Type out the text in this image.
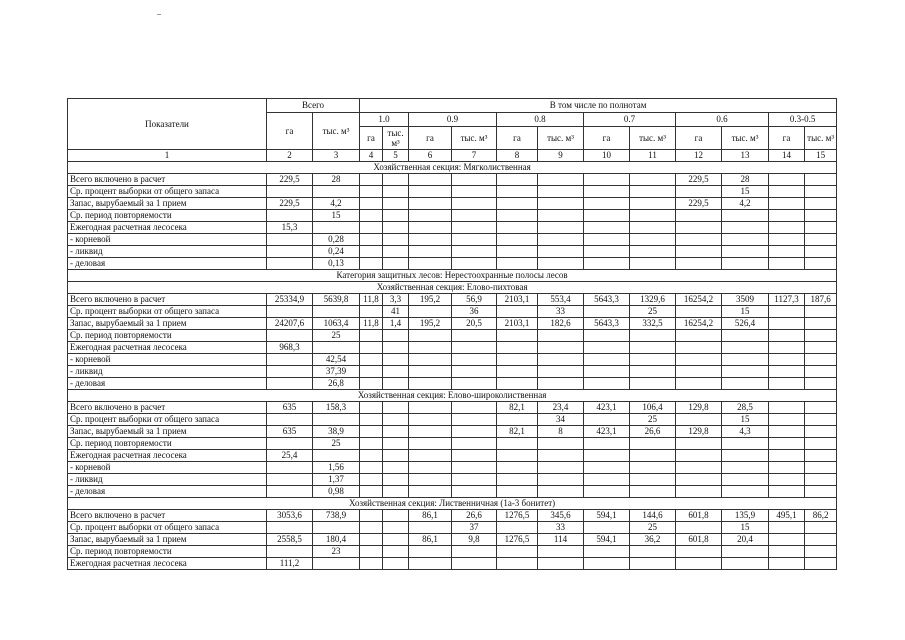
Показатели	Всего		В том числе по полнотам											
	га	тыс. м³	1.0		0.9		0.8		0.7		0.6		0.3-0.5	
			га	тыс. м³	га	тыс. м³	га	тыс. м³	га	тыс. м³	га	тыс. м³	га	тыс. м³
1	2	3	4	5	6	7	8	9	10	11	12	13	14	15
Хозяйственная секция: Мягколиственная														
Всего включено в расчет	229,5	28									229,5	28		
Ср. процент выборки от общего запаса												15		
Запас, вырубаемый за 1 прием	229,5	4,2									229,5	4,2		
Ср. период повторяемости		15												
Ежегодная расчетная лесосека	15,3													
- корневой		0,28												
- ликвид		0,24												
- деловая		0,13												
Категория защитных лесов: Нерестоохранные полосы лесов														
Хозяйственная секция: Елово-пихтовая														
Всего включено в расчет	25334,9	5639,8	11,8	3,3	195,2	56,9	2103,1	553,4	5643,3	1329,6	16254,2	3509	1127,3	187,6
Ср. процент выборки от общего запаса				41		36		33		25		15		
Запас, вырубаемый за 1 прием	24207,6	1063,4	11,8	1,4	195,2	20,5	2103,1	182,6	5643,3	332,5	16254,2	526,4		
Ср. период повторяемости		25												
Ежегодная расчетная лесосека	968,3													
- корневой		42,54												
- ликвид		37,39												
- деловая		26,8												
Хозяйственная секция: Елово-широколиственная														
Всего включено в расчет	635	158,3					82,1	23,4	423,1	106,4	129,8	28,5		
Ср. процент выборки от общего запаса								34		25		15		
Запас, вырубаемый за 1 прием	635	38,9					82,1	8	423,1	26,6	129,8	4,3		
Ср. период повторяемости		25												
Ежегодная расчетная лесосека	25,4													
- корневой		1,56												
- ликвид		1,37												
- деловая		0,98												
Хозяйственная секция: Лиственничная (1а-3 бонитет)														
Всего включено в расчет	3053,6	738,9			86,1	26,6	1276,5	345,6	594,1	144,6	601,8	135,9	495,1	86,2
Ср. процент выборки от общего запаса						37		33		25		15		
Запас, вырубаемый за 1 прием	2558,5	180,4			86,1	9,8	1276,5	114	594,1	36,2	601,8	20,4		
Ср. период повторяемости		23												
Ежегодная расчетная лесосека	111,2													
